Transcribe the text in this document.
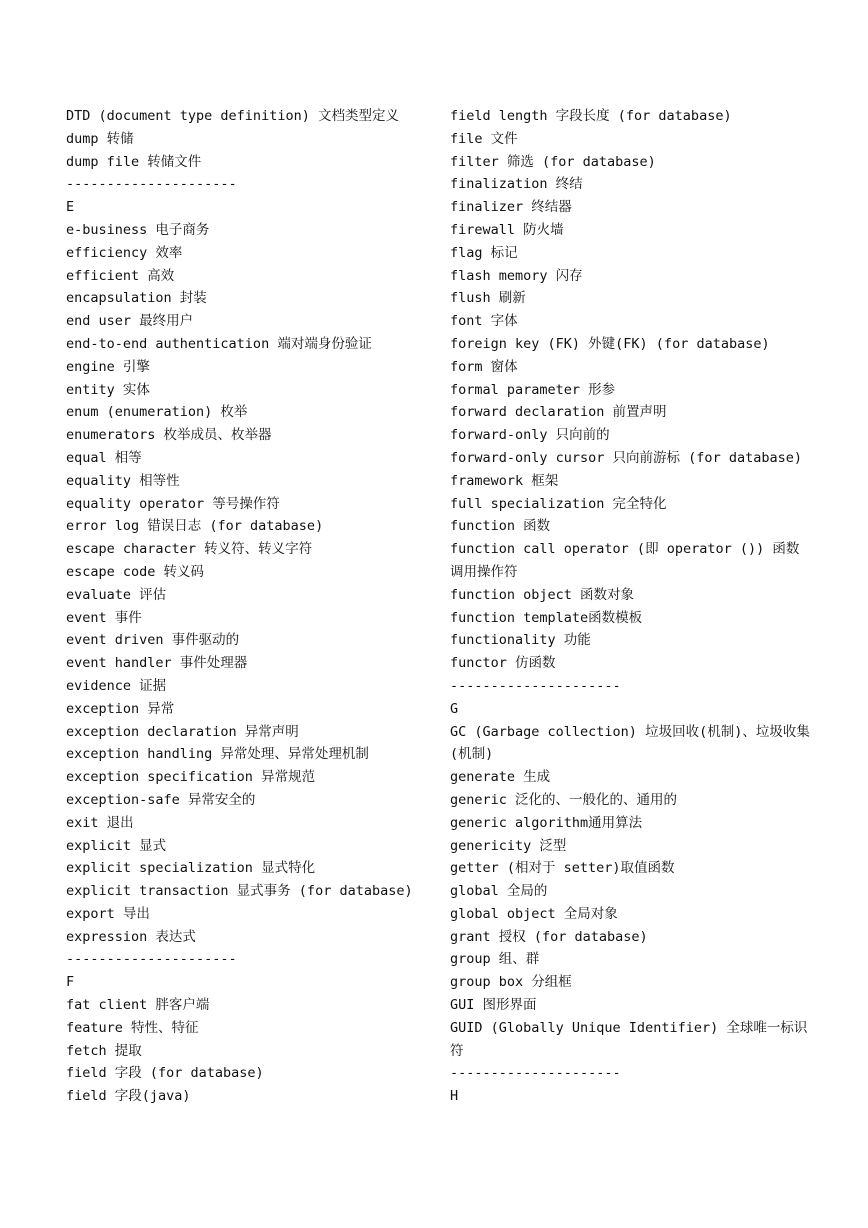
DTD (document type definition) 文档类型定义
dump 转储
dump file 转储文件
---------------------
E
e-business 电子商务
efficiency 效率
efficient 高效
encapsulation 封装
end user 最终用户
end-to-end authentication 端对端身份验证
engine 引擎
entity 实体
enum (enumeration) 枚举
enumerators 枚举成员、枚举器
equal 相等
equality 相等性
equality operator 等号操作符
error log 错误日志 (for database)
escape character 转义符、转义字符
escape code 转义码
evaluate 评估
event 事件
event driven 事件驱动的
event handler 事件处理器
evidence 证据
exception 异常
exception declaration 异常声明
exception handling 异常处理、异常处理机制
exception specification 异常规范
exception-safe 异常安全的
exit 退出
explicit 显式
explicit specialization 显式特化
explicit transaction 显式事务 (for database)
export 导出
expression 表达式
---------------------
F
fat client 胖客户端
feature 特性、特征
fetch 提取
field 字段 (for database)
field 字段(java)
field length 字段长度 (for database)
file 文件
filter 筛选 (for database)
finalization 终结
finalizer 终结器
firewall 防火墙
flag 标记
flash memory 闪存
flush 刷新
font 字体
foreign key (FK) 外键(FK) (for database)
form 窗体
formal parameter 形参
forward declaration 前置声明
forward-only 只向前的
forward-only cursor 只向前游标 (for database)
framework 框架
full specialization 完全特化
function 函数
function call operator (即 operator ()) 函数调用操作符
function object 函数对象
function template函数模板
functionality 功能
functor 仿函数
---------------------
G
GC (Garbage collection) 垃圾回收(机制)、垃圾收集(机制)
generate 生成
generic 泛化的、一般化的、通用的
generic algorithm通用算法
genericity 泛型
getter (相对于 setter)取值函数
global 全局的
global object 全局对象
grant 授权 (for database)
group 组、群
group box 分组框
GUI 图形界面
GUID (Globally Unique Identifier) 全球唯一标识符
---------------------
H
